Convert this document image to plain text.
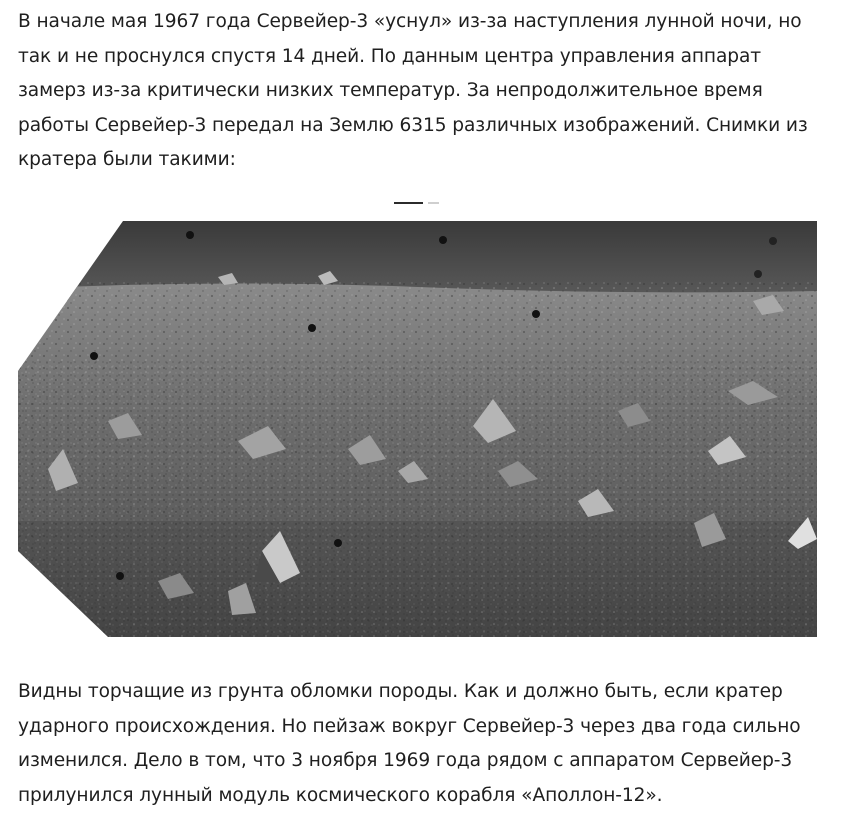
В начале мая 1967 года Сервейер-3 «уснул» из-за наступления лунной ночи, но
так и не проснулся спустя 14 дней. По данным центра управления аппарат
замерз из-за критически низких температур. За непродолжительное время
работы Сервейер-3 передал на Землю 6315 различных изображений. Снимки из
кратера были такими:

Видны торчащие из грунта обломки породы. Как и должно быть, если кратер
ударного происхождения. Но пейзаж вокруг Сервейер-3 через два года сильно
изменился. Дело в том, что 3 ноября 1969 года рядом с аппаратом Сервейер-3
прилунился лунный модуль космического корабля «Аполлон-12».
